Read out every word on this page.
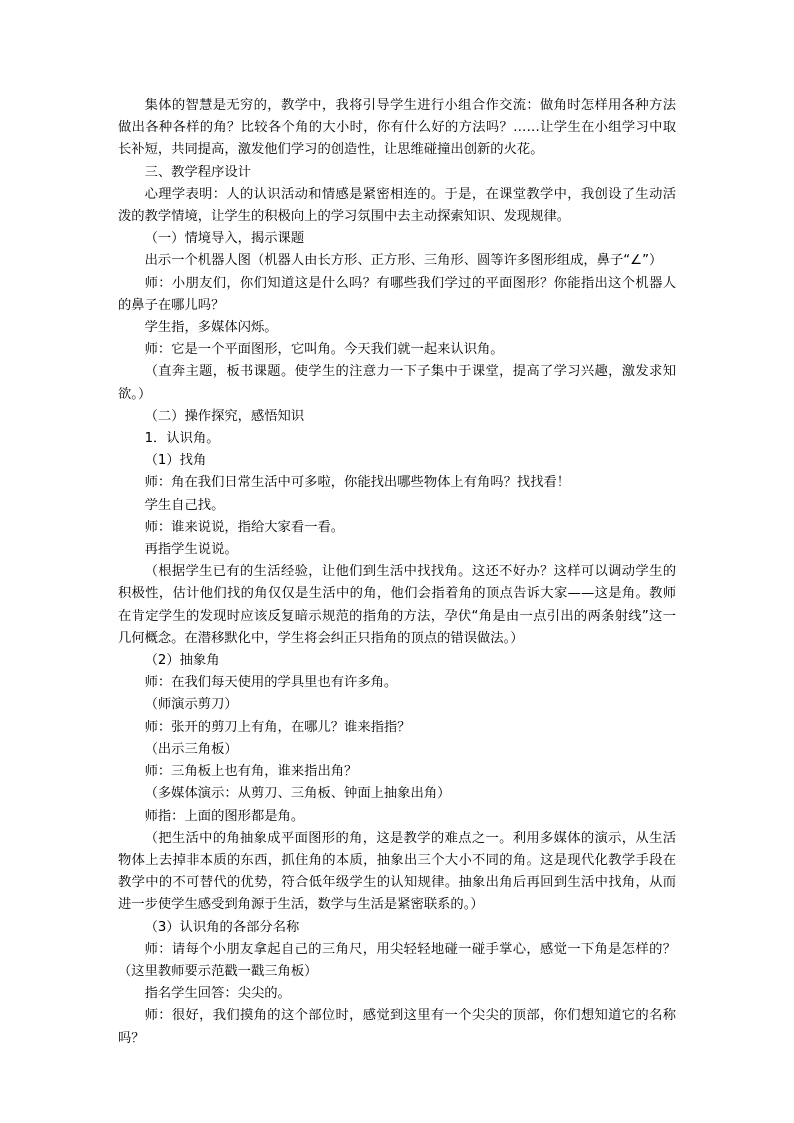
集体的智慧是无穷的，教学中，我将引导学生进行小组合作交流：做角时怎样用各种方法做出各种各样的角？比较各个角的大小时，你有什么好的方法吗？……让学生在小组学习中取长补短，共同提高，激发他们学习的创造性，让思维碰撞出创新的火花。

三、教学程序设计

心理学表明：人的认识活动和情感是紧密相连的。于是，在课堂教学中，我创设了生动活泼的教学情境，让学生的积极向上的学习氛围中去主动探索知识、发现规律。

（一）情境导入，揭示课题

出示一个机器人图（机器人由长方形、正方形、三角形、圆等许多图形组成，鼻子“∠”）

师：小朋友们，你们知道这是什么吗？有哪些我们学过的平面图形？你能指出这个机器人的鼻子在哪儿吗？

学生指，多媒体闪烁。

师：它是一个平面图形，它叫角。今天我们就一起来认识角。

（直奔主题，板书课题。使学生的注意力一下子集中于课堂，提高了学习兴趣，激发求知欲。）

（二）操作探究，感悟知识

1．认识角。

（1）找角

师：角在我们日常生活中可多啦，你能找出哪些物体上有角吗？找找看！

学生自己找。

师：谁来说说，指给大家看一看。

再指学生说说。

（根据学生已有的生活经验，让他们到生活中找找角。这还不好办？这样可以调动学生的积极性，估计他们找的角仅仅是生活中的角，他们会指着角的顶点告诉大家——这是角。教师在肯定学生的发现时应该反复暗示规范的指角的方法，孕伏“角是由一点引出的两条射线”这一几何概念。在潜移默化中，学生将会纠正只指角的顶点的错误做法。）

（2）抽象角

师：在我们每天使用的学具里也有许多角。

（师演示剪刀）

师：张开的剪刀上有角，在哪儿？谁来指指？

（出示三角板）

师：三角板上也有角，谁来指出角？

（多媒体演示：从剪刀、三角板、钟面上抽象出角）

师指：上面的图形都是角。

（把生活中的角抽象成平面图形的角，这是教学的难点之一。利用多媒体的演示，从生活物体上去掉非本质的东西，抓住角的本质，抽象出三个大小不同的角。这是现代化教学手段在教学中的不可替代的优势，符合低年级学生的认知规律。抽象出角后再回到生活中找角，从而进一步使学生感受到角源于生活，数学与生活是紧密联系的。）

（3）认识角的各部分名称

师：请每个小朋友拿起自己的三角尺，用尖轻轻地碰一碰手掌心，感觉一下角是怎样的？（这里教师要示范戳一戳三角板）

指名学生回答：尖尖的。

师：很好，我们摸角的这个部位时，感觉到这里有一个尖尖的顶部，你们想知道它的名称吗？
